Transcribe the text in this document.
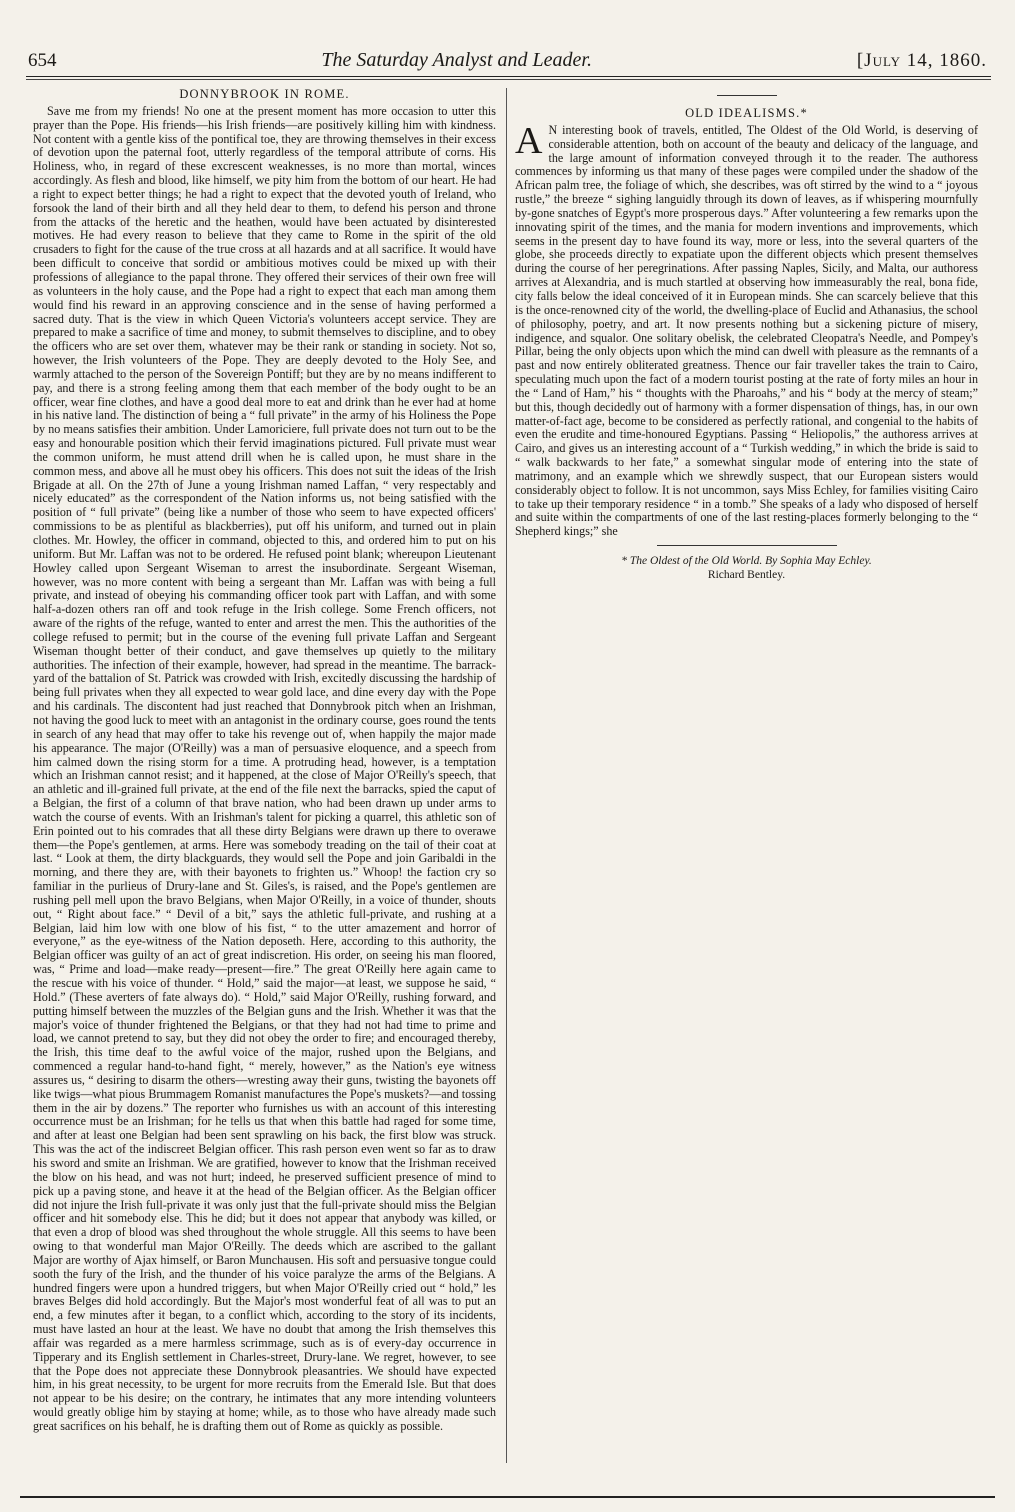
654	The Saturday Analyst and Leader.	[July 14, 1860.
DONNYBROOK IN ROME.

Save me from my friends! No one at the present moment has more occasion to utter this prayer than the Pope. His friends—his Irish friends—are positively killing him with kindness. Not content with a gentle kiss of the pontifical toe, they are throwing themselves in their excess of devotion upon the paternal foot, utterly regardless of the temporal attribute of corns. His Holiness, who, in regard of these excrescent weaknesses, is no more than mortal, winces accordingly. As flesh and blood, like himself, we pity him from the bottom of our heart. He had a right to expect better things; he had a right to expect that the devoted youth of Ireland, who forsook the land of their birth and all they held dear to them, to defend his person and throne from the attacks of the heretic and the heathen, would have been actuated by disinterested motives. He had every reason to believe that they came to Rome in the spirit of the old crusaders to fight for the cause of the true cross at all hazards and at all sacrifice. It would have been difficult to conceive that sordid or ambitious motives could be mixed up with their professions of allegiance to the papal throne. They offered their services of their own free will as volunteers in the holy cause, and the Pope had a right to expect that each man among them would find his reward in an approving conscience and in the sense of having performed a sacred duty. That is the view in which Queen Victoria's volunteers accept service. They are prepared to make a sacrifice of time and money, to submit themselves to discipline, and to obey the officers who are set over them, whatever may be their rank or standing in society. Not so, however, the Irish volunteers of the Pope. They are deeply devoted to the Holy See, and warmly attached to the person of the Sovereign Pontiff; but they are by no means indifferent to pay, and there is a strong feeling among them that each member of the body ought to be an officer, wear fine clothes, and have a good deal more to eat and drink than he ever had at home in his native land. The distinction of being a “ full private” in the army of his Holiness the Pope by no means satisfies their ambition. Under Lamoriciere, full private does not turn out to be the easy and honourable position which their fervid imaginations pictured. Full private must wear the common uniform, he must attend drill when he is called upon, he must share in the common mess, and above all he must obey his officers. This does not suit the ideas of the Irish Brigade at all. On the 27th of June a young Irishman named Laffan, “ very respectably and nicely educated” as the correspondent of the Nation informs us, not being satisfied with the position of “ full private” (being like a number of those who seem to have expected officers' commissions to be as plentiful as blackberries), put off his uniform, and turned out in plain clothes. Mr. Howley, the officer in command, objected to this, and ordered him to put on his uniform. But Mr. Laffan was not to be ordered. He refused point blank; whereupon Lieutenant Howley called upon Sergeant Wiseman to arrest the insubordinate. Sergeant Wiseman, however, was no more content with being a sergeant than Mr. Laffan was with being a full private, and instead of obeying his commanding officer took part with Laffan, and with some half-a-dozen others ran off and took refuge in the Irish college. Some French officers, not aware of the rights of the refuge, wanted to enter and arrest the men. This the authorities of the college refused to permit; but in the course of the evening full private Laffan and Sergeant Wiseman thought better of their conduct, and gave themselves up quietly to the military authorities. The infection of their example, however, had spread in the meantime. The barrack-yard of the battalion of St. Patrick was crowded with Irish, excitedly discussing the hardship of being full privates when they all expected to wear gold lace, and dine every day with the Pope and his cardinals. The discontent had just reached that Donnybrook pitch when an Irishman, not having the good luck to meet with an antagonist in the ordinary course, goes round the tents in search of any head that may offer to take his revenge out of, when happily the major made his appearance. The major (O'Reilly) was a man of persuasive eloquence, and a speech from him calmed down the rising storm for a time. A protruding head, however, is a temptation which an Irishman cannot resist; and it happened, at the close of Major O'Reilly's speech, that an athletic and ill-grained full private, at the end of the file next the barracks, spied the caput of a Belgian, the first of a column of that brave nation, who had been drawn up under arms to watch the course of events. With an Irishman's talent for picking a quarrel, this athletic son of Erin pointed out to his comrades that all these dirty Belgians were drawn up there to overawe them—the Pope's gentlemen, at arms. Here was somebody treading on the tail of their coat at last. “ Look at them, the dirty blackguards, they would sell the Pope and join Garibaldi in the morning, and there they are, with their bayonets to frighten us.” Whoop! the faction cry so familiar in the purlieus of Drury-lane and St. Giles's, is raised, and the Pope's gentlemen are rushing pell mell upon the bravo Belgians, when Major O'Reilly, in a voice of thunder, shouts out, “ Right about face.” “ Devil of a bit,” says the athletic full-private, and rushing at a Belgian, laid him low with one blow of his fist, “ to the utter amazement and horror of everyone,” as the eye-witness of the Nation deposeth. Here, according to this authority, the Belgian officer was guilty of an act of great indiscretion. His order, on seeing his man floored, was, “ Prime and load—make ready—present—fire.” The great O'Reilly here again came to the rescue with his voice of thunder. “ Hold,” said the major—at least, we suppose he said, “ Hold.” (These averters of fate always do). “ Hold,” said Major O'Reilly, rushing forward, and putting himself between the muzzles of the Belgian guns and the Irish. Whether it was that the major's voice of thunder frightened the Belgians, or that they had not had time to prime and load, we cannot pretend to say, but they did not obey the order to fire; and encouraged thereby, the Irish, this time deaf to the awful voice of the major, rushed upon the Belgians, and commenced a regular hand-to-hand fight, “ merely, however,” as the Nation's eye witness assures us, “ desiring to disarm the others—wresting away their guns, twisting the bayonets off like twigs—what pious Brummagem Romanist manufactures the Pope's muskets?—and tossing them in the air by dozens.” The reporter who furnishes us with an account of this interesting occurrence must be an Irishman; for he tells us that when this battle had raged for some time, and after at least one Belgian had been sent sprawling on his back, the first blow was struck. This was the act of the indiscreet Belgian officer. This rash person even went so far as to draw his sword and smite an Irishman. We are gratified, however to know that the Irishman received the blow on his head, and was not hurt; indeed, he preserved sufficient presence of mind to pick up a paving stone, and heave it at the head of the Belgian officer. As the Belgian officer did not injure the Irish full-private it was only just that the full-private should miss the Belgian officer and hit somebody else. This he did; but it does not appear that anybody was killed, or that even a drop of blood was shed throughout the whole struggle. All this seems to have been owing to that wonderful man Major O'Reilly. The deeds which are ascribed to the gallant Major are worthy of Ajax himself, or Baron Munchausen. His soft and persuasive tongue could sooth the fury of the Irish, and the thunder of his voice paralyze the arms of the Belgians. A hundred fingers were upon a hundred triggers, but when Major O'Reilly cried out “ hold,” les braves Belges did hold accordingly. But the Major's most wonderful feat of all was to put an end, a few minutes after it began, to a conflict which, according to the story of its incidents, must have lasted an hour at the least. We have no doubt that among the Irish themselves this affair was regarded as a mere harmless scrimmage, such as is of every-day occurrence in Tipperary and its English settlement in Charles-street, Drury-lane. We regret, however, to see that the Pope does not appreciate these Donnybrook pleasantries. We should have expected him, in his great necessity, to be urgent for more recruits from the Emerald Isle. But that does not appear to be his desire; on the contrary, he intimates that any more intending volunteers would greatly oblige him by staying at home; while, as to those who have already made such great sacrifices on his behalf, he is drafting them out of Rome as quickly as possible.

OLD IDEALISMS.*
A N interesting book of travels, entitled, The Oldest of the Old World, is deserving of considerable attention, both on account of the beauty and delicacy of the language, and the large amount of information conveyed through it to the reader. The authoress commences by informing us that many of these pages were compiled under the shadow of the African palm tree, the foliage of which, she describes, was oft stirred by the wind to a “ joyous rustle,” the breeze “ sighing languidly through its down of leaves, as if whispering mournfully by-gone snatches of Egypt's more prosperous days.” After volunteering a few remarks upon the innovating spirit of the times, and the mania for modern inventions and improvements, which seems in the present day to have found its way, more or less, into the several quarters of the globe, she proceeds directly to expatiate upon the different objects which present themselves during the course of her peregrinations. After passing Naples, Sicily, and Malta, our authoress arrives at Alexandria, and is much startled at observing how immeasurably the real, bona fide, city falls below the ideal conceived of it in European minds. She can scarcely believe that this is the once-renowned city of the world, the dwelling-place of Euclid and Athanasius, the school of philosophy, poetry, and art. It now presents nothing but a sickening picture of misery, indigence, and squalor. One solitary obelisk, the celebrated Cleopatra's Needle, and Pompey's Pillar, being the only objects upon which the mind can dwell with pleasure as the remnants of a past and now entirely obliterated greatness. Thence our fair traveller takes the train to Cairo, speculating much upon the fact of a modern tourist posting at the rate of forty miles an hour in the “ Land of Ham,” his “ thoughts with the Pharoahs,” and his “ body at the mercy of steam;” but this, though decidedly out of harmony with a former dispensation of things, has, in our own matter-of-fact age, become to be considered as perfectly rational, and congenial to the habits of even the erudite and time-honoured Egyptians. Passing “ Heliopolis,” the authoress arrives at Cairo, and gives us an interesting account of a “ Turkish wedding,” in which the bride is said to “ walk backwards to her fate,” a somewhat singular mode of entering into the state of matrimony, and an example which we shrewdly suspect, that our European sisters would considerably object to follow. It is not uncommon, says Miss Echley, for families visiting Cairo to take up their temporary residence “ in a tomb.” She speaks of a lady who disposed of herself and suite within the compartments of one of the last resting-places formerly belonging to the “ Shepherd kings;” she
* The Oldest of the Old World. By Sophia May Echley.
Richard Bentley.
